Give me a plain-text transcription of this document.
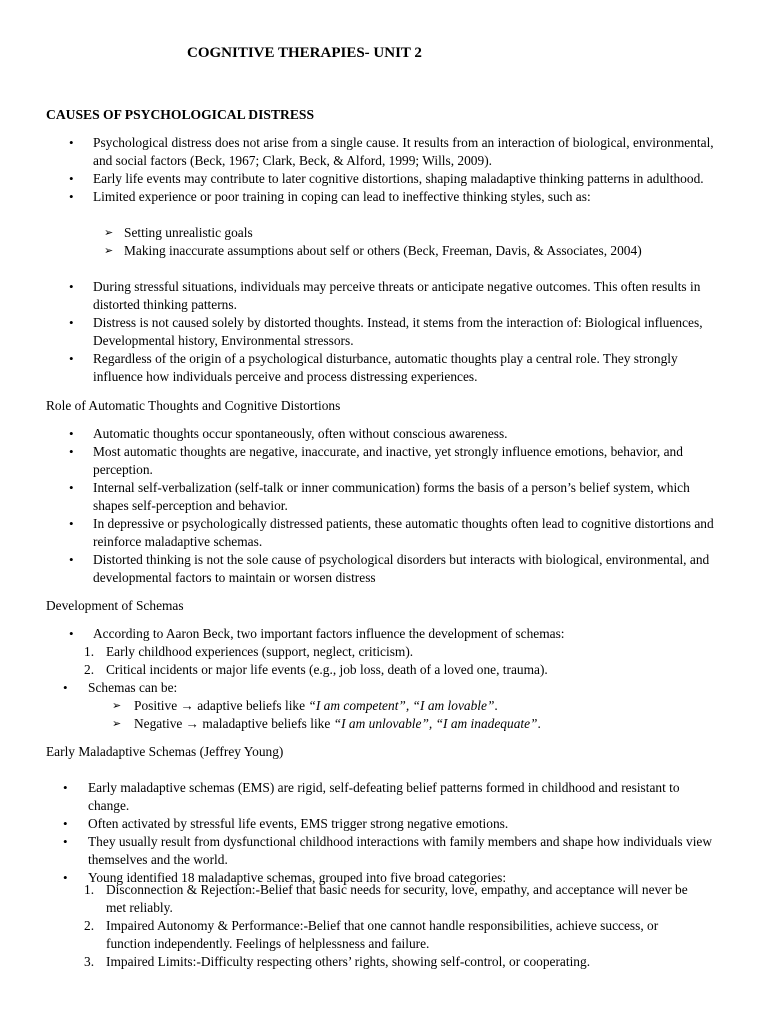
COGNITIVE THERAPIES- UNIT 2
CAUSES OF PSYCHOLOGICAL DISTRESS
• Psychological distress does not arise from a single cause. It results from an interaction of biological, environmental, and social factors (Beck, 1967; Clark, Beck, & Alford, 1999; Wills, 2009).
• Early life events may contribute to later cognitive distortions, shaping maladaptive thinking patterns in adulthood.
• Limited experience or poor training in coping can lead to ineffective thinking styles, such as:
➢ Setting unrealistic goals
➢ Making inaccurate assumptions about self or others (Beck, Freeman, Davis, & Associates, 2004)
• During stressful situations, individuals may perceive threats or anticipate negative outcomes. This often results in distorted thinking patterns.
• Distress is not caused solely by distorted thoughts. Instead, it stems from the interaction of: Biological influences, Developmental history, Environmental stressors.
• Regardless of the origin of a psychological disturbance, automatic thoughts play a central role. They strongly influence how individuals perceive and process distressing experiences.
Role of Automatic Thoughts and Cognitive Distortions
• Automatic thoughts occur spontaneously, often without conscious awareness.
• Most automatic thoughts are negative, inaccurate, and inactive, yet strongly influence emotions, behavior, and perception.
• Internal self-verbalization (self-talk or inner communication) forms the basis of a person’s belief system, which shapes self-perception and behavior.
• In depressive or psychologically distressed patients, these automatic thoughts often lead to cognitive distortions and reinforce maladaptive schemas.
• Distorted thinking is not the sole cause of psychological disorders but interacts with biological, environmental, and developmental factors to maintain or worsen distress
Development of Schemas
• According to Aaron Beck, two important factors influence the development of schemas:
1. Early childhood experiences (support, neglect, criticism).
2. Critical incidents or major life events (e.g., job loss, death of a loved one, trauma).
• Schemas can be:
➢ Positive → adaptive beliefs like “I am competent”, “I am lovable”.
➢ Negative → maladaptive beliefs like “I am unlovable”, “I am inadequate”.
Early Maladaptive Schemas (Jeffrey Young)
• Early maladaptive schemas (EMS) are rigid, self-defeating belief patterns formed in childhood and resistant to change.
• Often activated by stressful life events, EMS trigger strong negative emotions.
• They usually result from dysfunctional childhood interactions with family members and shape how individuals view themselves and the world.
• Young identified 18 maladaptive schemas, grouped into five broad categories:
1. Disconnection & Rejection:-Belief that basic needs for security, love, empathy, and acceptance will never be met reliably.
2. Impaired Autonomy & Performance:-Belief that one cannot handle responsibilities, achieve success, or function independently. Feelings of helplessness and failure.
3. Impaired Limits:-Difficulty respecting others’ rights, showing self-control, or cooperating.
